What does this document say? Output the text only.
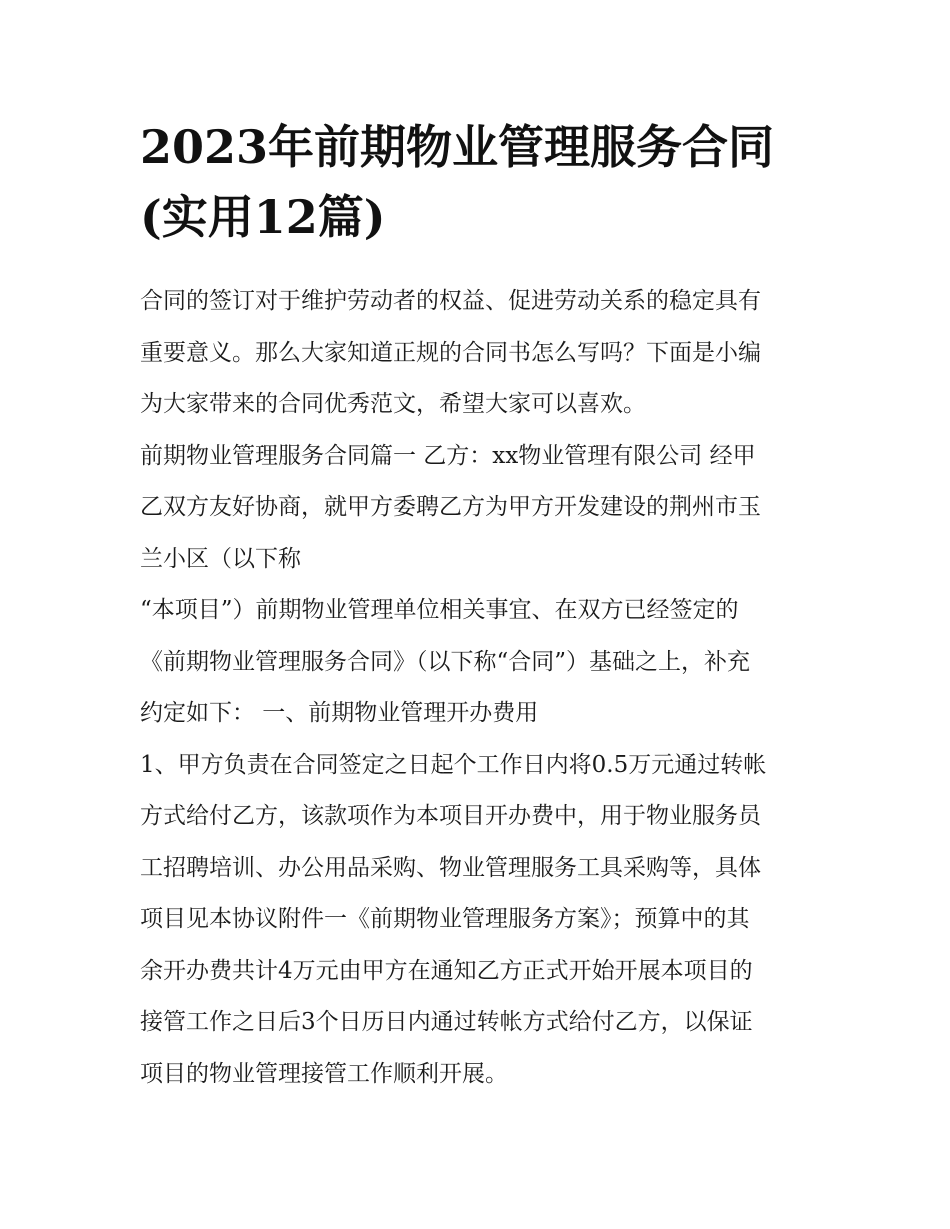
2023年前期物业管理服务合同
(实用12篇)
合同的签订对于维护劳动者的权益、促进劳动关系的稳定具有
重要意义。那么大家知道正规的合同书怎么写吗？下面是小编
为大家带来的合同优秀范文，希望大家可以喜欢。
前期物业管理服务合同篇一 乙方：xx物业管理有限公司 经甲
乙双方友好协商，就甲方委聘乙方为甲方开发建设的荆州市玉
兰小区（以下称
“本项目”）前期物业管理单位相关事宜、在双方已经签定的
《前期物业管理服务合同》（以下称“合同”）基础之上，补充
约定如下： 一、前期物业管理开办费用
1、甲方负责在合同签定之日起个工作日内将0.5万元通过转帐
方式给付乙方，该款项作为本项目开办费中，用于物业服务员
工招聘培训、办公用品采购、物业管理服务工具采购等，具体
项目见本协议附件一《前期物业管理服务方案》；预算中的其
余开办费共计4万元由甲方在通知乙方正式开始开展本项目的
接管工作之日后3个日历日内通过转帐方式给付乙方，以保证
项目的物业管理接管工作顺利开展。
